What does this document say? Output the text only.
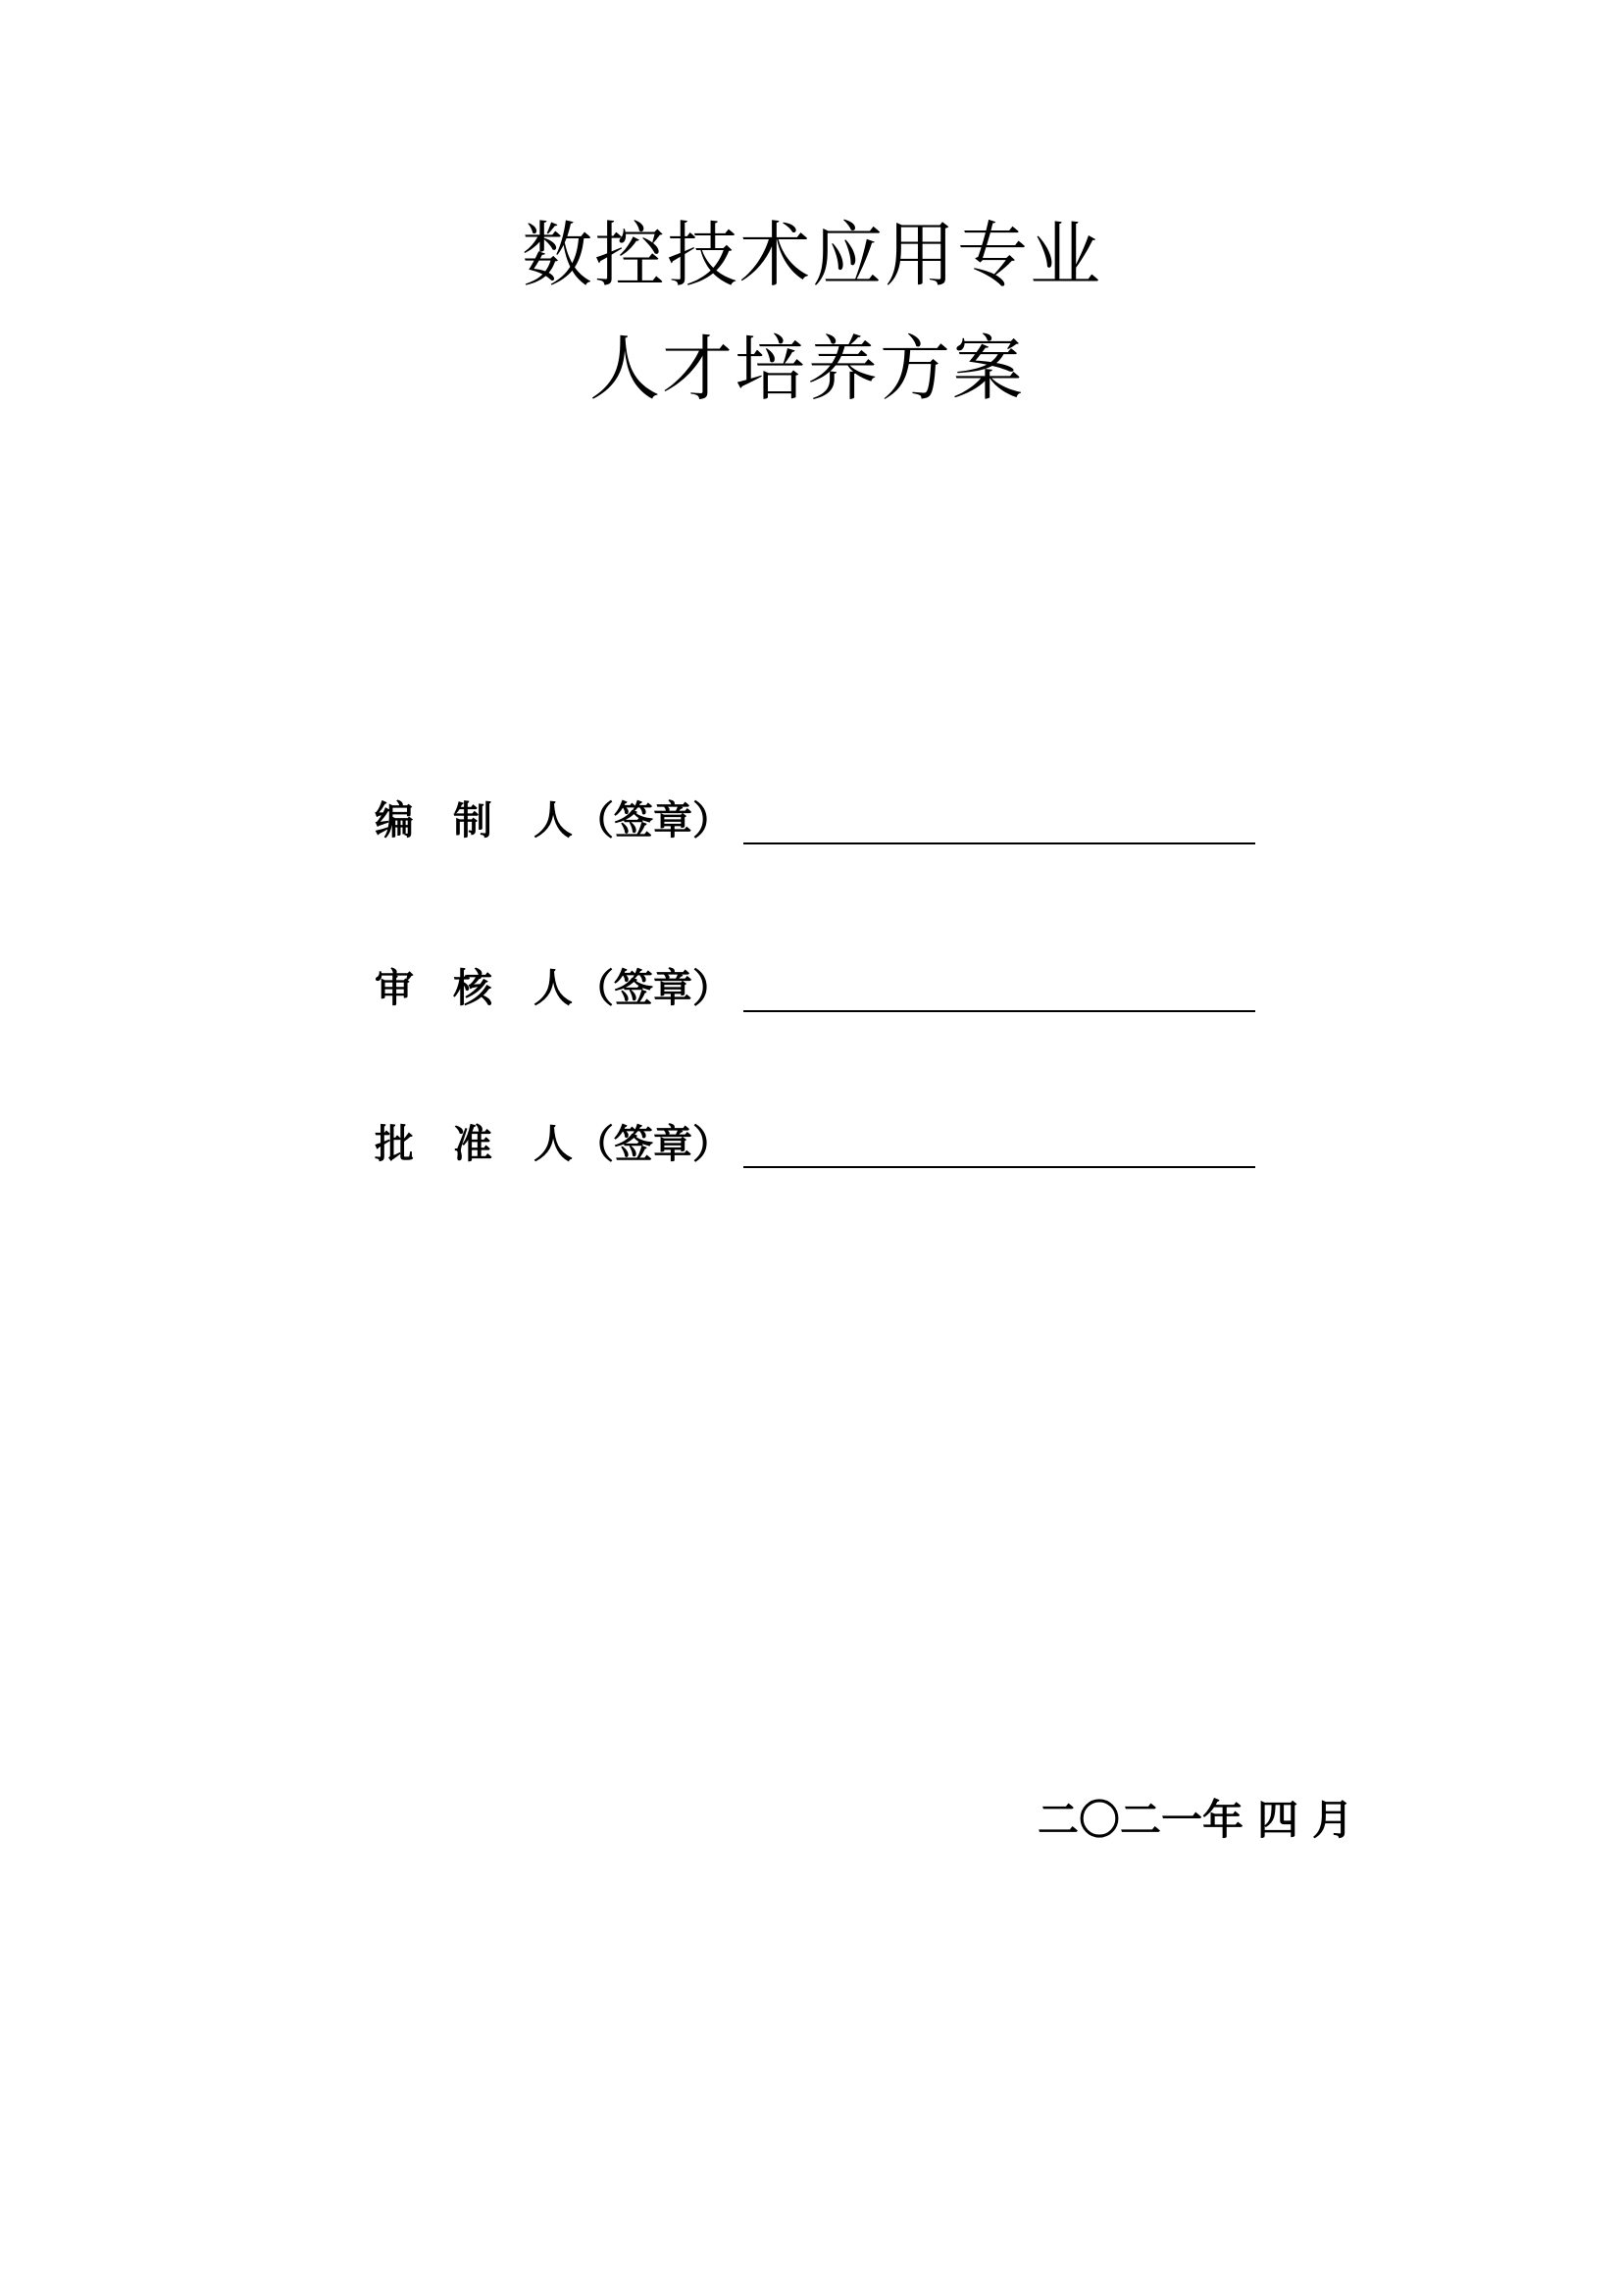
数控技术应用专业
人才培养方案
编 制 人 （签章）
审 核 人 （签章）
批 准 人 （签章）
二〇二一年 四 月
